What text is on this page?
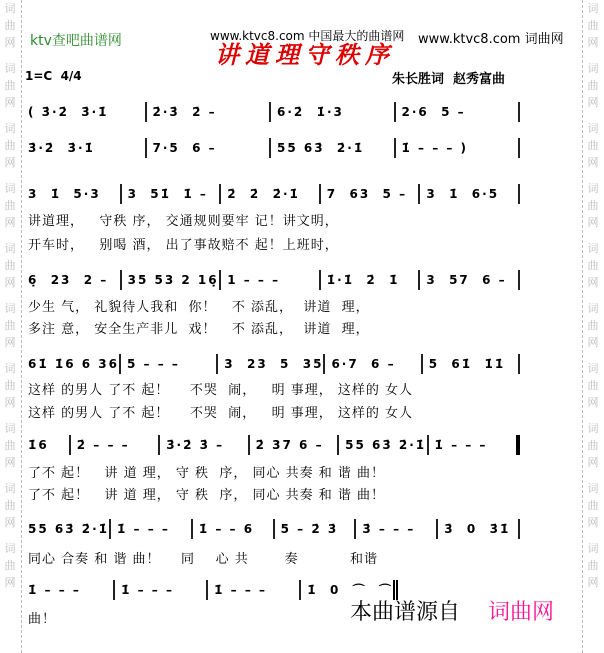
词
曲
网
词
曲
网
词
曲
网
词
曲
网
词
曲
网
词
曲
网
词
曲
网
词
曲
网
词
曲
网
词
曲
网
词
曲
网
词
曲
网
词
曲
网
词
曲
网
词
曲
网
词
曲
网
词
曲
网
词
曲
网
词
曲
网
词
曲
网
ktv查吧曲谱网	www.ktvc8.com 中国最大的曲谱网 www.ktvc8.com 词曲网
讲道理守秩序
1=C  4/4	朱长胜词  赵秀富曲
( 3̇·2̇  3̇·1̇	2̇·3̇  2̇ –	6·2̇  1̇·3	2·6  5 –
3̇·2̇  3̇·1̇	7·5  6 –	55 63̇  2̇·1̇	1̇ – – – )
3  1̇  5·3	3  51̇  1̇ –	2̇  2̇  2̇·1̇	7  63  5 –	3  1̇  6·5
讲道理，   守秩 序， 交通规则要牢 记！讲文明，
开车时，   别喝 酒， 出了事故赔不 起！上班时，
6̣  23  2 –	35 53 2 16̣ 1 – – –	1̇·1̇  2̇  1̇	3  57  6 –
少生 气， 礼貌待人我和  你！   不 添乱，  讲道  理，
多注 意， 安全生产非儿  戏！   不 添乱，  讲道  理，
61̇ 1̇6 6 36 5 – – –	3  23  5  35 6·7  6 –	5  61̇  1̇1̇
这样 的男人 了不 起！    不哭  闹，   明 事理， 这样的 女人
这样 的男人 了不 起！    不哭  闹，   明 事理， 这样的 女人
1̇6	2̇ – – –	3̇·2̇ 3̇ –	2̇ 37 6 –	55 63̇ 2̇·1̇ 1̇ – – –
了不 起！   讲 道 理， 守 秩  序， 同心 共奏 和 谐 曲！
了不 起！   讲 道 理， 守 秩  序， 同心 共奏 和 谐 曲！
55 63̇ 2̇·1̇ 1̇ – – –	1̇ – – 6	5 – 2̇ 3̇	3̇ – – –	3̇  0  3̇1̇
同心 合奏 和 谐 曲！    同    心 共       奏          和谐
1̇ – – –	1̇ – – –	1̇ – – –	1̇  0  ⌒  ⌒
曲！	本曲谱源自 词曲网
